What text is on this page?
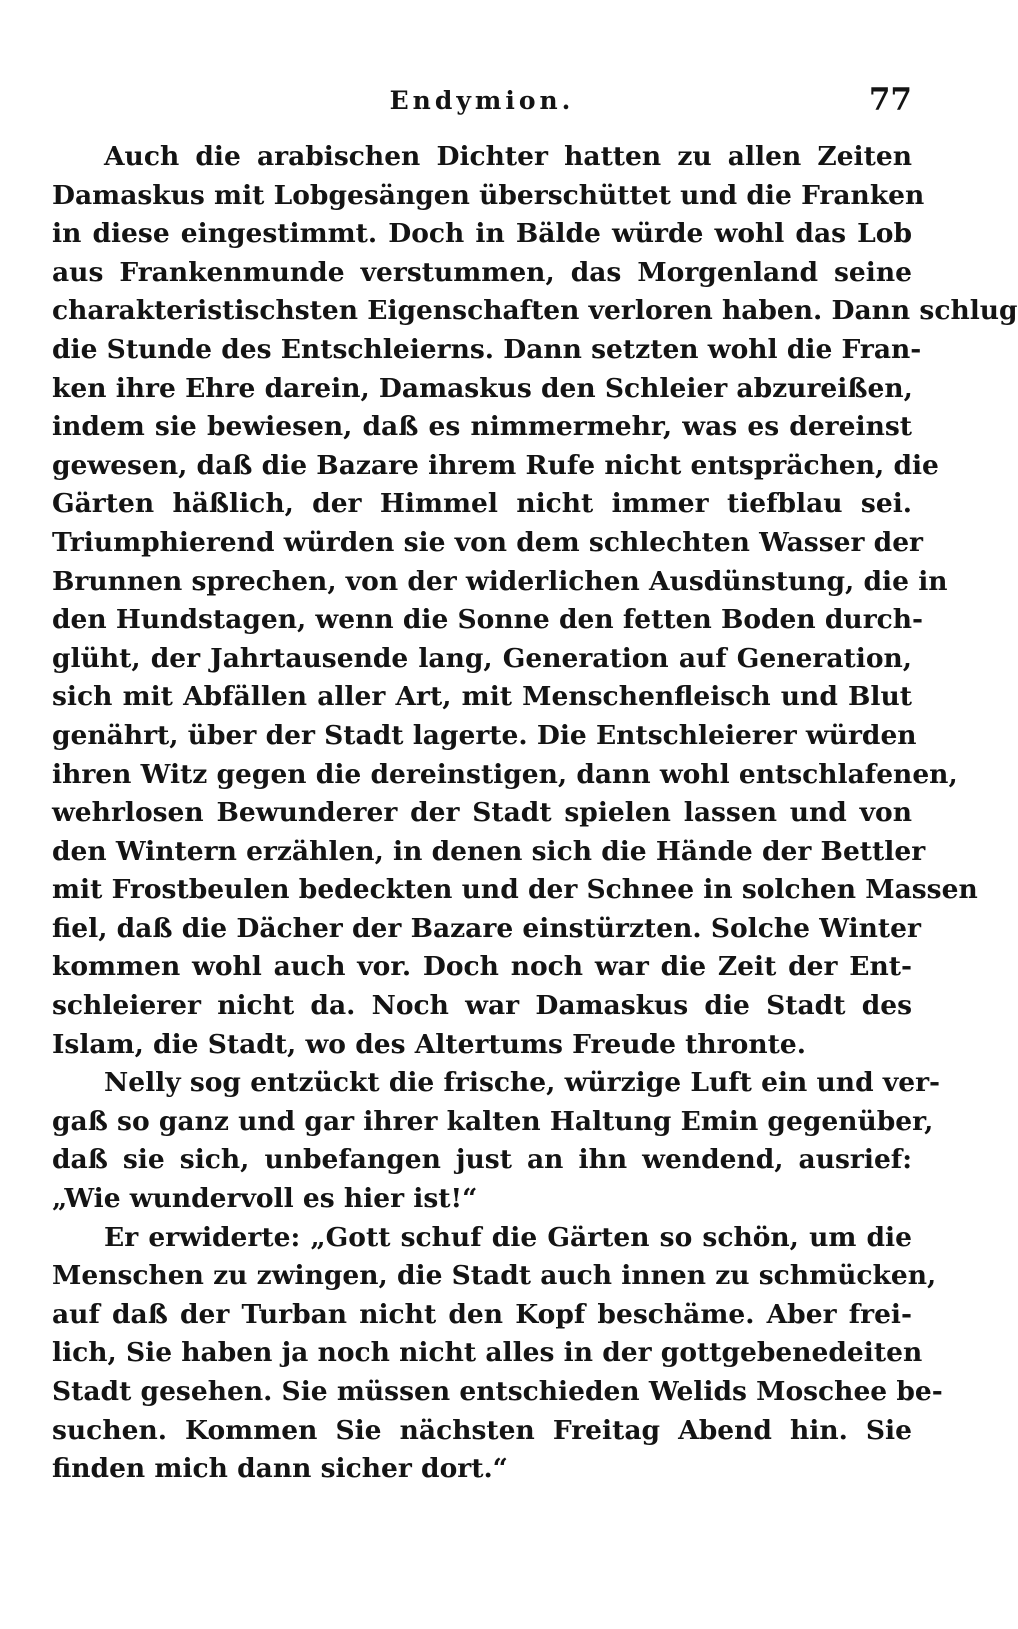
Endymion.	77
Auch die arabischen Dichter hatten zu allen Zeiten
Damaskus mit Lobgesängen überschüttet und die Franken
in diese eingestimmt. Doch in Bälde würde wohl das Lob
aus Frankenmunde verstummen, das Morgenland seine
charakteristischsten Eigenschaften verloren haben. Dann schlug
die Stunde des Entschleierns. Dann setzten wohl die Fran-
ken ihre Ehre darein, Damaskus den Schleier abzureißen,
indem sie bewiesen, daß es nimmermehr, was es dereinst
gewesen, daß die Bazare ihrem Rufe nicht entsprächen, die
Gärten häßlich, der Himmel nicht immer tiefblau sei.
Triumphierend würden sie von dem schlechten Wasser der
Brunnen sprechen, von der widerlichen Ausdünstung, die in
den Hundstagen, wenn die Sonne den fetten Boden durch-
glüht, der Jahrtausende lang, Generation auf Generation,
sich mit Abfällen aller Art, mit Menschenfleisch und Blut
genährt, über der Stadt lagerte. Die Entschleierer würden
ihren Witz gegen die dereinstigen, dann wohl entschlafenen,
wehrlosen Bewunderer der Stadt spielen lassen und von
den Wintern erzählen, in denen sich die Hände der Bettler
mit Frostbeulen bedeckten und der Schnee in solchen Massen
fiel, daß die Dächer der Bazare einstürzten. Solche Winter
kommen wohl auch vor. Doch noch war die Zeit der Ent-
schleierer nicht da. Noch war Damaskus die Stadt des
Islam, die Stadt, wo des Altertums Freude thronte.
Nelly sog entzückt die frische, würzige Luft ein und ver-
gaß so ganz und gar ihrer kalten Haltung Emin gegenüber,
daß sie sich, unbefangen just an ihn wendend, ausrief:
„Wie wundervoll es hier ist!“
Er erwiderte: „Gott schuf die Gärten so schön, um die
Menschen zu zwingen, die Stadt auch innen zu schmücken,
auf daß der Turban nicht den Kopf beschäme. Aber frei-
lich, Sie haben ja noch nicht alles in der gottgebenedeiten
Stadt gesehen. Sie müssen entschieden Welids Moschee be-
suchen. Kommen Sie nächsten Freitag Abend hin. Sie
finden mich dann sicher dort.“
